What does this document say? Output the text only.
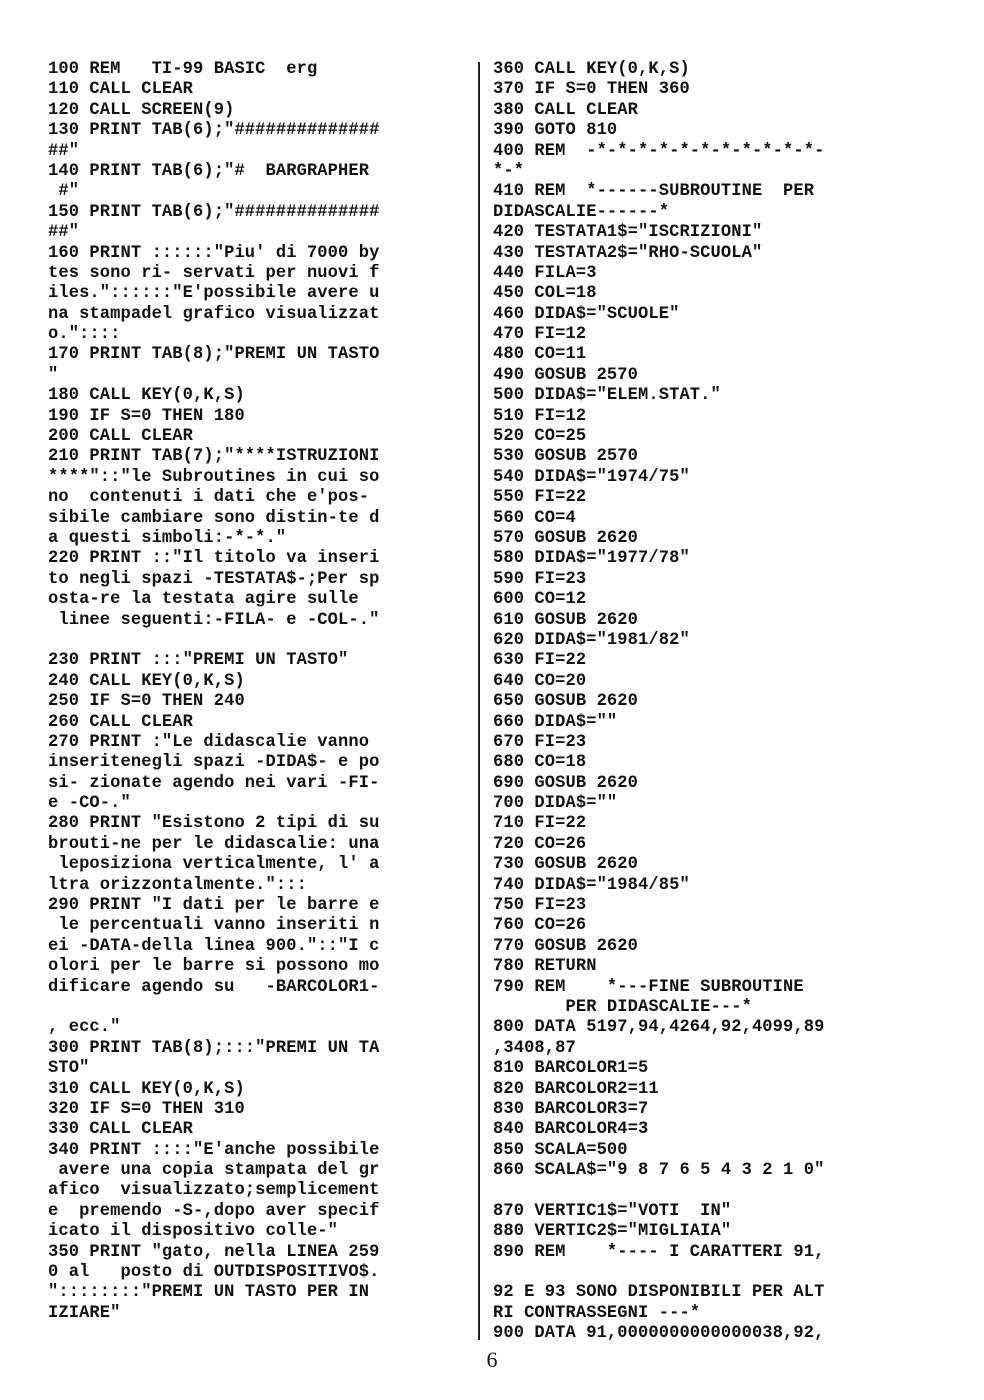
100 REM   TI-99 BASIC  erg
110 CALL CLEAR
120 CALL SCREEN(9)
130 PRINT TAB(6);"##############
##"
140 PRINT TAB(6);"#  BARGRAPHER
#"
150 PRINT TAB(6);"##############
##"
160 PRINT ::::::"Piu' di 7000 by
tes sono ri- servati per nuovi f
iles."::::::"E'possibile avere u
na stampadel grafico visualizzat
o."::::
170 PRINT TAB(8);"PREMI UN TASTO
"
180 CALL KEY(0,K,S)
190 IF S=0 THEN 180
200 CALL CLEAR
210 PRINT TAB(7);"****ISTRUZIONI
****"::"le Subroutines in cui so
no  contenuti i dati che e'pos-
sibile cambiare sono distin-te d
a questi simboli:-*-*."
220 PRINT ::"Il titolo va inseri
to negli spazi -TESTATA$-;Per sp
osta-re la testata agire sulle
linee seguenti:-FILA- e -COL-."
230 PRINT :::"PREMI UN TASTO"
240 CALL KEY(0,K,S)
250 IF S=0 THEN 240
260 CALL CLEAR
270 PRINT :"Le didascalie vanno
inseritenegli spazi -DIDA$- e po
si- zionate agendo nei vari -FI-
e -CO-."
280 PRINT "Esistono 2 tipi di su
brouti-ne per le didascalie: una
leposiziona verticalmente, l' a
ltra orizzontalmente.":::
290 PRINT "I dati per le barre e
le percentuali vanno inseriti n
ei -DATA-della linea 900."::"I c
olori per le barre si possono mo
dificare agendo su   -BARCOLOR1-
, ecc."
300 PRINT TAB(8);:::"PREMI UN TA
STO"
310 CALL KEY(0,K,S)
320 IF S=0 THEN 310
330 CALL CLEAR
340 PRINT ::::"E'anche possibile
avere una copia stampata del gr
afico  visualizzato;semplicement
e  premendo -S-,dopo aver specif
icato il dispositivo colle-"
350 PRINT "gato, nella LINEA 259
0 al   posto di OUTDISPOSITIVO$.
"::::::::"PREMI UN TASTO PER IN
IZIARE"
360 CALL KEY(0,K,S)
370 IF S=0 THEN 360
380 CALL CLEAR
390 GOTO 810
400 REM  -*-*-*-*-*-*-*-*-*-*-*-
*-*
410 REM  *------SUBROUTINE  PER
DIDASCALIE------*
420 TESTATA1$="ISCRIZIONI"
430 TESTATA2$="RHO-SCUOLA"
440 FILA=3
450 COL=18
460 DIDA$="SCUOLE"
470 FI=12
480 CO=11
490 GOSUB 2570
500 DIDA$="ELEM.STAT."
510 FI=12
520 CO=25
530 GOSUB 2570
540 DIDA$="1974/75"
550 FI=22
560 CO=4
570 GOSUB 2620
580 DIDA$="1977/78"
590 FI=23
600 CO=12
610 GOSUB 2620
620 DIDA$="1981/82"
630 FI=22
640 CO=20
650 GOSUB 2620
660 DIDA$=""
670 FI=23
680 CO=18
690 GOSUB 2620
700 DIDA$=""
710 FI=22
720 CO=26
730 GOSUB 2620
740 DIDA$="1984/85"
750 FI=23
760 CO=26
770 GOSUB 2620
780 RETURN
790 REM    *---FINE SUBROUTINE
PER DIDASCALIE---*
800 DATA 5197,94,4264,92,4099,89
,3408,87
810 BARCOLOR1=5
820 BARCOLOR2=11
830 BARCOLOR3=7
840 BARCOLOR4=3
850 SCALA=500
860 SCALA$="9 8 7 6 5 4 3 2 1 0"
870 VERTIC1$="VOTI  IN"
880 VERTIC2$="MIGLIAIA"
890 REM    *---- I CARATTERI 91,
92 E 93 SONO DISPONIBILI PER ALT
RI CONTRASSEGNI ---*
900 DATA 91,0000000000000038,92,
6
